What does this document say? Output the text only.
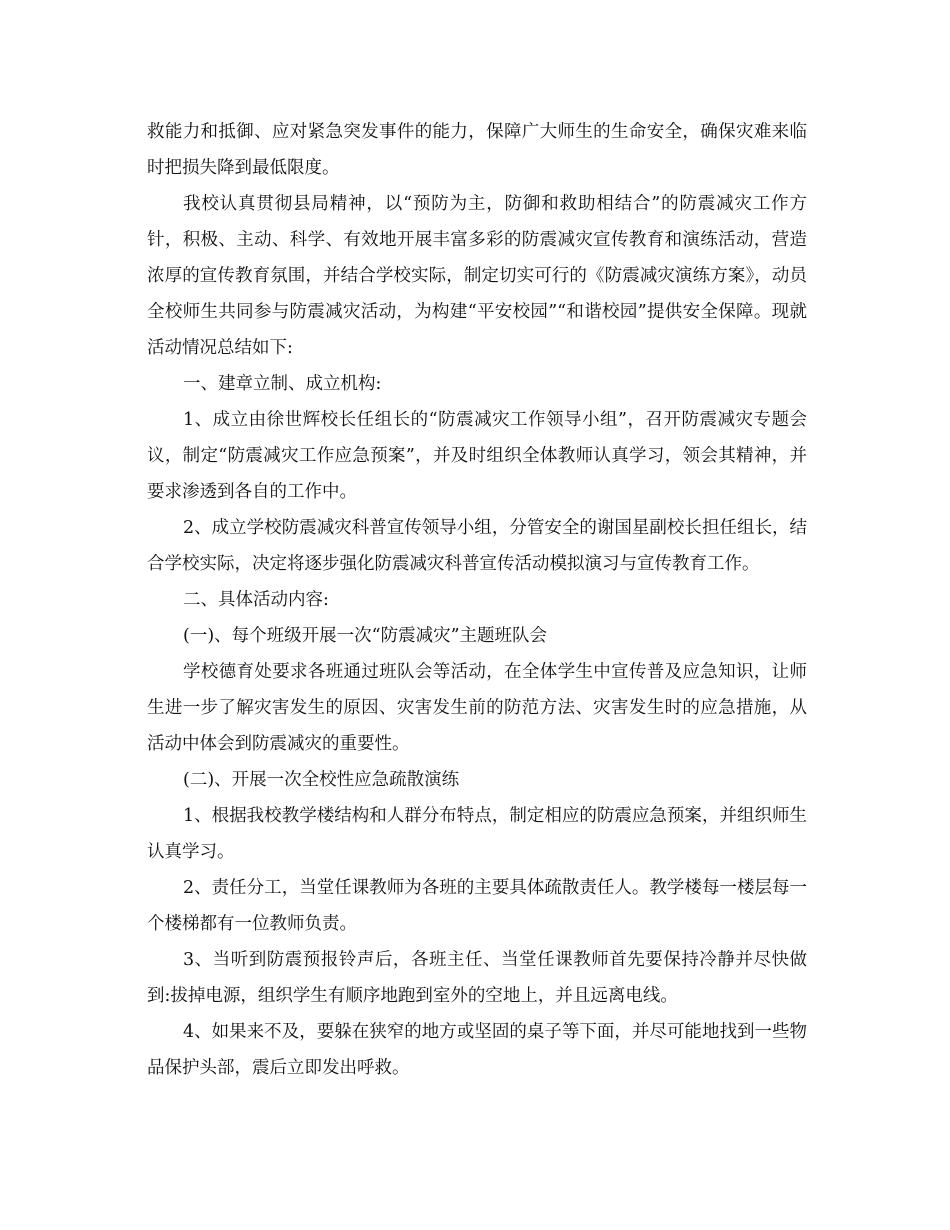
救能力和抵御、应对紧急突发事件的能力，保障广大师生的生命安全，确保灾难来临时把损失降到最低限度。

我校认真贯彻县局精神，以“预防为主，防御和救助相结合”的防震减灾工作方针，积极、主动、科学、有效地开展丰富多彩的防震减灾宣传教育和演练活动，营造浓厚的宣传教育氛围，并结合学校实际，制定切实可行的《防震减灾演练方案》，动员全校师生共同参与防震减灾活动，为构建“平安校园”“和谐校园”提供安全保障。现就活动情况总结如下:

一、建章立制、成立机构:

1、成立由徐世辉校长任组长的“防震减灾工作领导小组”，召开防震减灾专题会议，制定“防震减灾工作应急预案”，并及时组织全体教师认真学习，领会其精神，并要求渗透到各自的工作中。

2、成立学校防震减灾科普宣传领导小组，分管安全的谢国星副校长担任组长，结合学校实际，决定将逐步强化防震减灾科普宣传活动模拟演习与宣传教育工作。

二、具体活动内容:

(一)、每个班级开展一次“防震减灾”主题班队会

学校德育处要求各班通过班队会等活动，在全体学生中宣传普及应急知识，让师生进一步了解灾害发生的原因、灾害发生前的防范方法、灾害发生时的应急措施，从活动中体会到防震减灾的重要性。

(二)、开展一次全校性应急疏散演练

1、根据我校教学楼结构和人群分布特点，制定相应的防震应急预案，并组织师生认真学习。

2、责任分工，当堂任课教师为各班的主要具体疏散责任人。教学楼每一楼层每一个楼梯都有一位教师负责。

3、当听到防震预报铃声后，各班主任、当堂任课教师首先要保持冷静并尽快做到:拔掉电源，组织学生有顺序地跑到室外的空地上，并且远离电线。

4、如果来不及，要躲在狭窄的地方或坚固的桌子等下面，并尽可能地找到一些物品保护头部，震后立即发出呼救。
